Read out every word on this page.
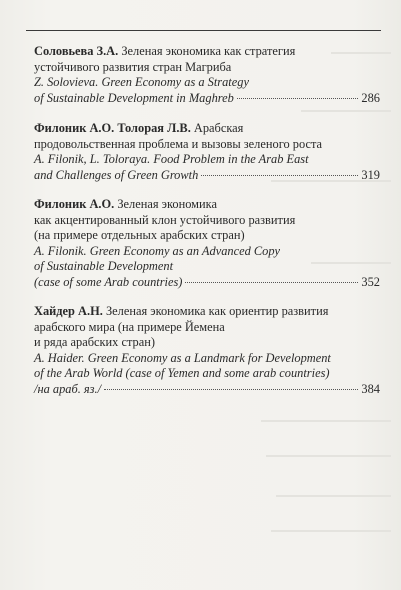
Соловьева З.А. Зеленая экономика как стратегия
устойчивого развития стран Магриба
Z. Solovieva. Green Economy as a Strategy
of Sustainable Development in Maghreb	286
Филоник А.О. Толорая Л.В. Арабская
продовольственная проблема и вызовы зеленого роста
A. Filonik, L. Toloraya. Food Problem in the Arab East
and Challenges of Green Growth	319
Филоник А.О. Зеленая экономика
как акцентированный клон устойчивого развития
(на примере отдельных арабских стран)
A. Filonik. Green Economy as an Advanced Copy
of Sustainable Development
(case of some Arab countries)	352
Хайдер А.Н. Зеленая экономика как ориентир развития
арабского мира (на примере Йемена
и ряда арабских стран)
A. Haider. Green Economy as a Landmark for Development
of the Arab World (case of Yemen and some arab countries)
/на араб. яз./	384
